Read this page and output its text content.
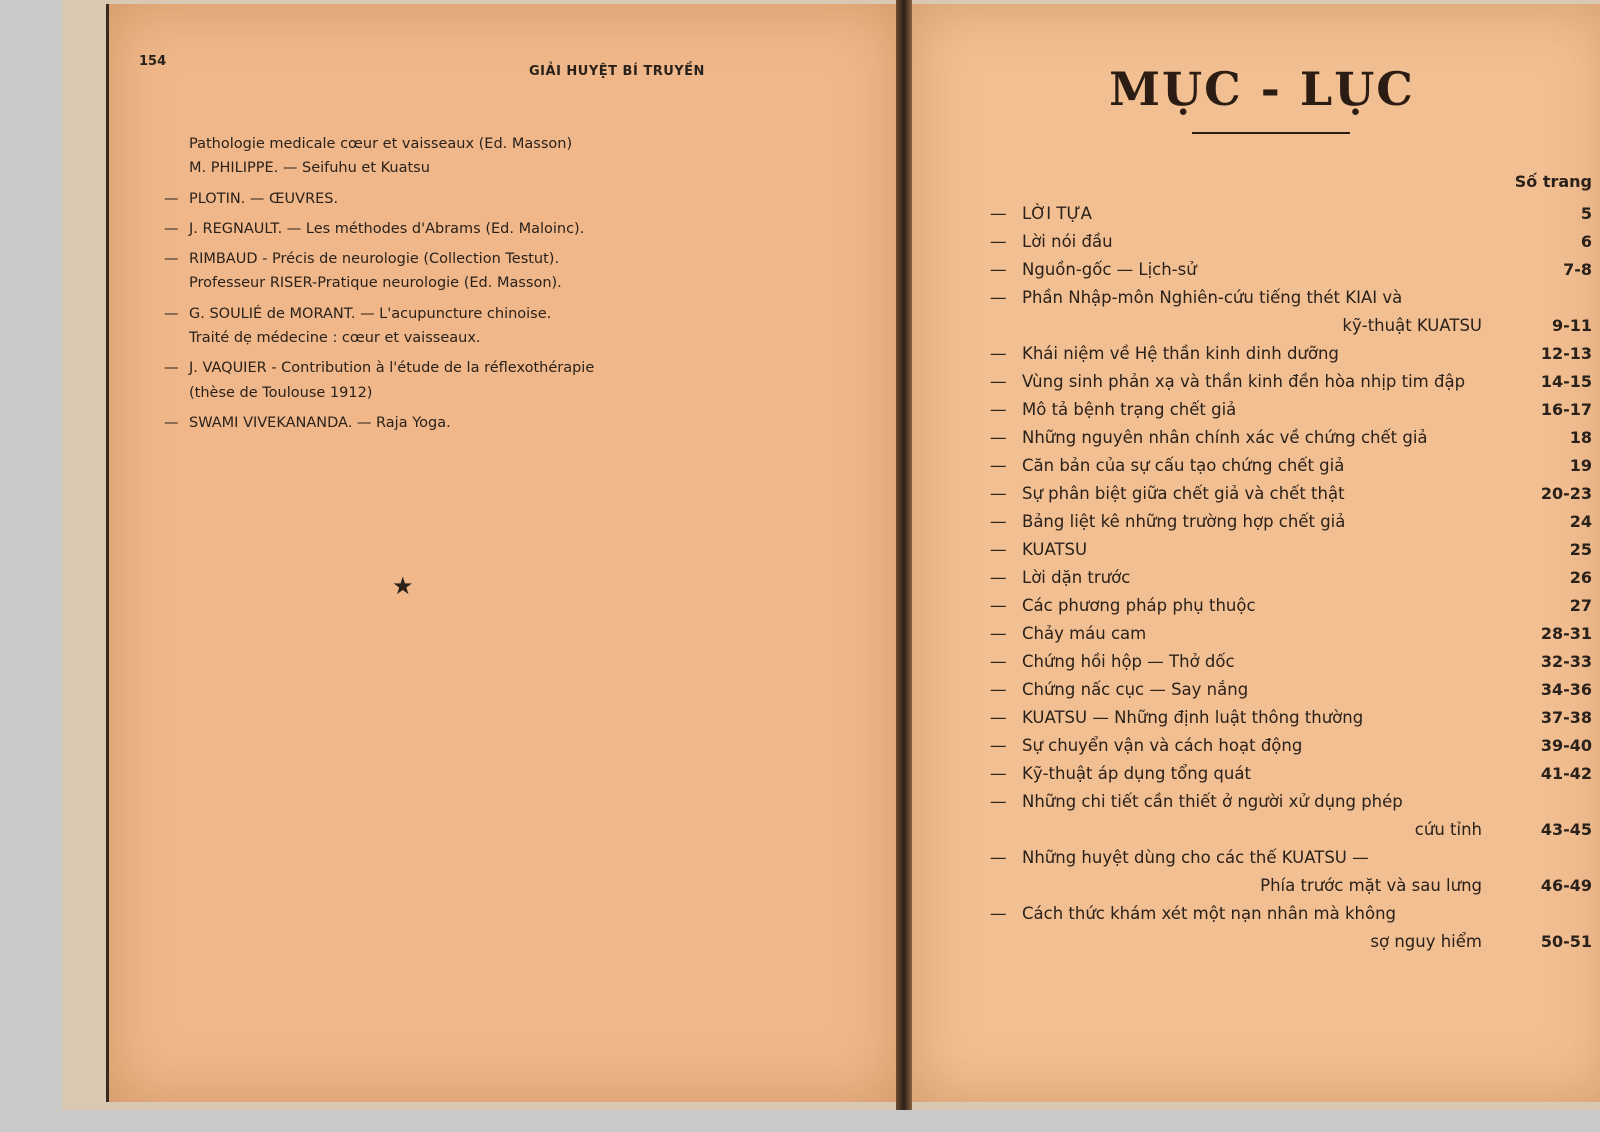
154
GIẢI HUYỆT BÍ TRUYỀN
Pathologie medicale cœur et vaisseaux (Ed. Masson)
M. PHILIPPE. — Seifuhu et Kuatsu
— PLOTIN. — ŒUVRES.
— J. REGNAULT. — Les méthodes d'Abrams (Ed. Maloinc).
— RIMBAUD - Précis de neurologie (Collection Testut).
Professeur RISER-Pratique neurologie (Ed. Masson).
— G. SOULIÉ de MORANT. — L'acupuncture chinoise.
Traité dẹ médecine : cœur et vaisseaux.
— J. VAQUIER - Contribution à l'étude de la réflexothérapie
(thèse de Toulouse 1912)
— SWAMI VIVEKANANDA. — Raja Yoga.
★
MỤC - LỤC
Số trang
— LỜI TỰA	5
— Lời nói đầu	6
— Nguồn-gốc — Lịch-sử	7-8
— Phần Nhập-môn Nghiên-cứu tiếng thét KIAI và
kỹ-thuật KUATSU	9-11
— Khái niệm về Hệ thần kinh dinh dưỡng	12-13
— Vùng sinh phản xạ và thần kinh đền hòa nhịp tim đập	14-15
— Mô tả bệnh trạng chết giả	16-17
— Những nguyên nhân chính xác về chứng chết giả	18
— Căn bản của sự cấu tạo chứng chết giả	19
— Sự phân biệt giữa chết giả và chết thật	20-23
— Bảng liệt kê những trường hợp chết giả	24
— KUATSU	25
— Lời dặn trước	26
— Các phương pháp phụ thuộc	27
— Chảy máu cam	28-31
— Chứng hồi hộp — Thở dốc	32-33
— Chứng nấc cục — Say nắng	34-36
— KUATSU — Những định luật thông thường	37-38
— Sự chuyển vận và cách hoạt động	39-40
— Kỹ-thuật áp dụng tổng quát	41-42
— Những chi tiết cần thiết ở người xử dụng phép
cứu tỉnh	43-45
— Những huyệt dùng cho các thế KUATSU —
Phía trước mặt và sau lưng	46-49
— Cách thức khám xét một nạn nhân mà không
sợ nguy hiểm	50-51
